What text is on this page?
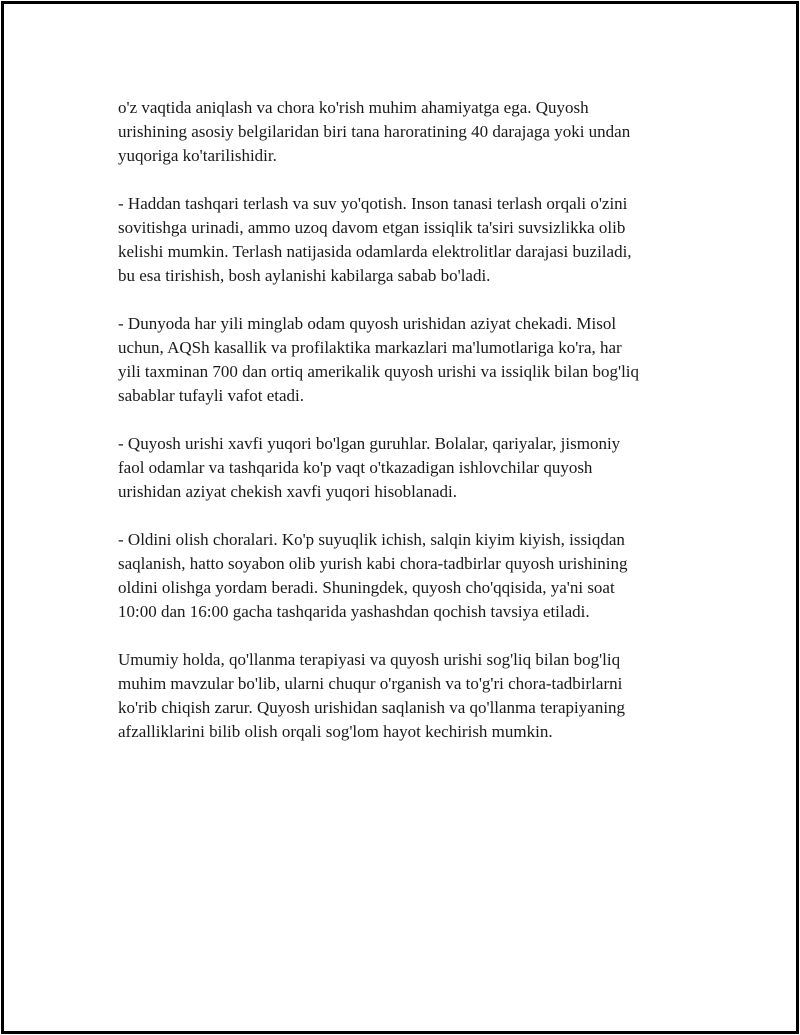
o'z vaqtida aniqlash va chora ko'rish muhim ahamiyatga ega. Quyosh
urishining asosiy belgilaridan biri tana haroratining 40 darajaga yoki undan
yuqoriga ko'tarilishidir.

- Haddan tashqari terlash va suv yo'qotish. Inson tanasi terlash orqali o'zini
sovitishga urinadi, ammo uzoq davom etgan issiqlik ta'siri suvsizlikka olib
kelishi mumkin. Terlash natijasida odamlarda elektrolitlar darajasi buziladi,
bu esa tirishish, bosh aylanishi kabilarga sabab bo'ladi.

- Dunyoda har yili minglab odam quyosh urishidan aziyat chekadi. Misol
uchun, AQSh kasallik va profilaktika markazlari ma'lumotlariga ko'ra, har
yili taxminan 700 dan ortiq amerikalik quyosh urishi va issiqlik bilan bog'liq
sabablar tufayli vafot etadi.

- Quyosh urishi xavfi yuqori bo'lgan guruhlar. Bolalar, qariyalar, jismoniy
faol odamlar va tashqarida ko'p vaqt o'tkazadigan ishlovchilar quyosh
urishidan aziyat chekish xavfi yuqori hisoblanadi.

- Oldini olish choralari. Ko'p suyuqlik ichish, salqin kiyim kiyish, issiqdan
saqlanish, hatto soyabon olib yurish kabi chora-tadbirlar quyosh urishining
oldini olishga yordam beradi. Shuningdek, quyosh cho'qqisida, ya'ni soat
10:00 dan 16:00 gacha tashqarida yashashdan qochish tavsiya etiladi.

Umumiy holda, qo'llanma terapiyasi va quyosh urishi sog'liq bilan bog'liq
muhim mavzular bo'lib, ularni chuqur o'rganish va to'g'ri chora-tadbirlarni
ko'rib chiqish zarur. Quyosh urishidan saqlanish va qo'llanma terapiyaning
afzalliklarini bilib olish orqali sog'lom hayot kechirish mumkin.
